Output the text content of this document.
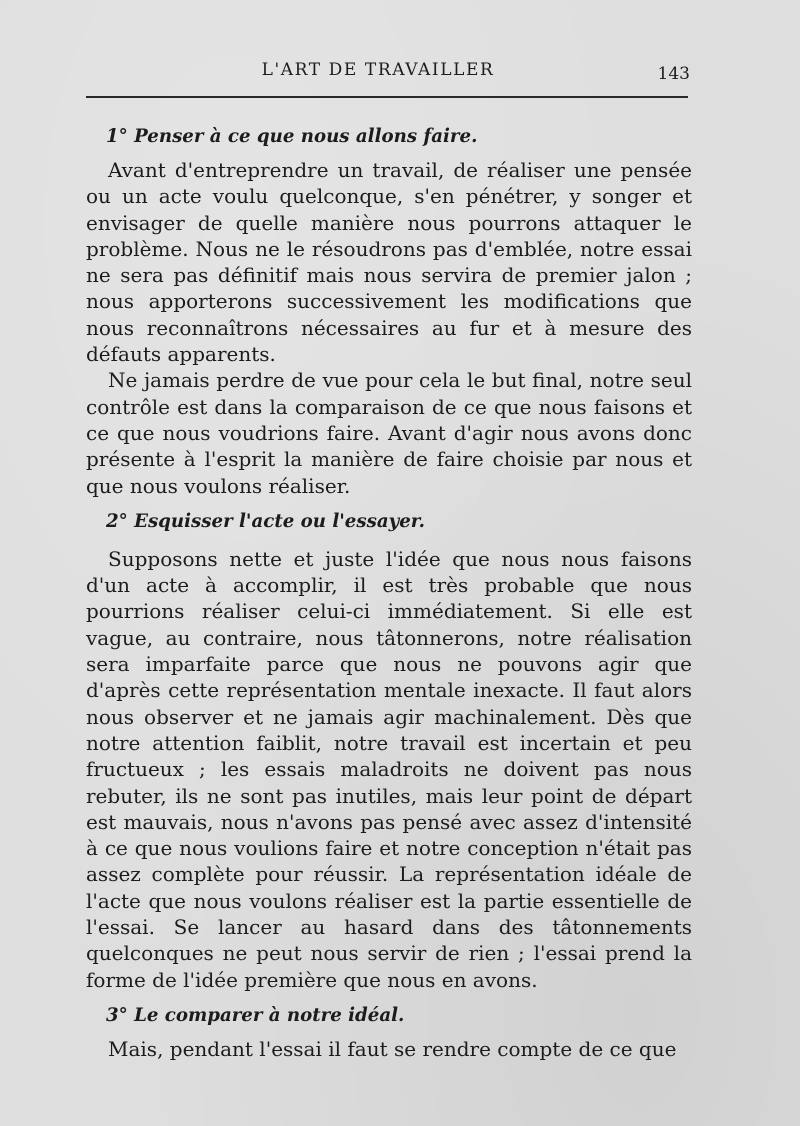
L'ART DE TRAVAILLER	143
1° Penser à ce que nous allons faire.

Avant d'entreprendre un travail, de réaliser une pensée ou un acte voulu quelconque, s'en pénétrer, y songer et envisager de quelle manière nous pourrons attaquer le problème. Nous ne le résoudrons pas d'emblée, notre essai ne sera pas définitif mais nous servira de premier jalon ; nous apporterons successivement les modifications que nous reconnaîtrons nécessaires au fur et à mesure des défauts apparents.

Ne jamais perdre de vue pour cela le but final, notre seul contrôle est dans la comparaison de ce que nous faisons et ce que nous voudrions faire. Avant d'agir nous avons donc présente à l'esprit la manière de faire choisie par nous et que nous voulons réaliser.

2° Esquisser l'acte ou l'essayer.

Supposons nette et juste l'idée que nous nous faisons d'un acte à accomplir, il est très probable que nous pourrions réaliser celui-ci immédiatement. Si elle est vague, au contraire, nous tâtonnerons, notre réalisation sera imparfaite parce que nous ne pouvons agir que d'après cette représentation mentale inexacte. Il faut alors nous observer et ne jamais agir machinalement. Dès que notre attention faiblit, notre travail est incertain et peu fructueux ; les essais maladroits ne doivent pas nous rebuter, ils ne sont pas inutiles, mais leur point de départ est mauvais, nous n'avons pas pensé avec assez d'intensité à ce que nous voulions faire et notre conception n'était pas assez complète pour réussir. La représentation idéale de l'acte que nous voulons réaliser est la partie essentielle de l'essai. Se lancer au hasard dans des tâtonnements quelconques ne peut nous servir de rien ; l'essai prend la forme de l'idée première que nous en avons.

3° Le comparer à notre idéal.

Mais, pendant l'essai il faut se rendre compte de ce que
